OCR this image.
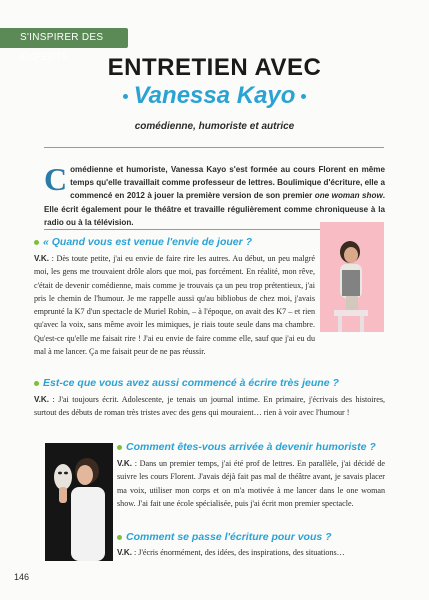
S'INSPIRER DES EXPERTS	ENTRETIEN AVEC
Vanessa Kayo
comédienne, humoriste et autrice
Comédienne et humoriste, Vanessa Kayo s'est formée au cours Florent en même temps qu'elle travaillait comme professeur de lettres. Boulimique d'écriture, elle a commencé en 2012 à jouer la première version de son premier one woman show. Elle écrit également pour le théâtre et travaille régulièrement comme chroniqueuse à la radio ou à la télévision.
« Quand vous est venue l'envie de jouer ?
V.K. : Dès toute petite, j'ai eu envie de faire rire les autres. Au début, un peu malgré moi, les gens me trouvaient drôle alors que moi, pas forcément. En réalité, mon rêve, c'était de devenir comédienne, mais comme je trouvais ça un peu trop prétentieux, j'ai pris le chemin de l'humour. Je me rappelle aussi qu'au bibliobus de chez moi, j'avais emprunté la K7 d'un spectacle de Muriel Robin, – à l'époque, on avait des K7 – et rien qu'avec la voix, sans même avoir les mimiques, je riais toute seule dans ma chambre. Qu'est-ce qu'elle me faisait rire ! J'ai eu envie de faire comme elle, sauf que j'ai eu du mal à me lancer. Ça me faisait peur de ne pas réussir.
Est-ce que vous avez aussi commencé à écrire très jeune ?
V.K. : J'ai toujours écrit. Adolescente, je tenais un journal intime. En primaire, j'écrivais des histoires, surtout des débuts de roman très tristes avec des gens qui mouraient… rien à voir avec l'humour !
Comment êtes-vous arrivée à devenir humoriste ?
V.K. : Dans un premier temps, j'ai été prof de lettres. En parallèle, j'ai décidé de suivre les cours Florent. J'avais déjà fait pas mal de théâtre avant, je savais placer ma voix, utiliser mon corps et on m'a motivée à me lancer dans le one woman show. J'ai fait une école spécialisée, puis j'ai écrit mon premier spectacle.
Comment se passe l'écriture pour vous ?
V.K. : J'écris énormément, des idées, des inspirations, des situations…
146
